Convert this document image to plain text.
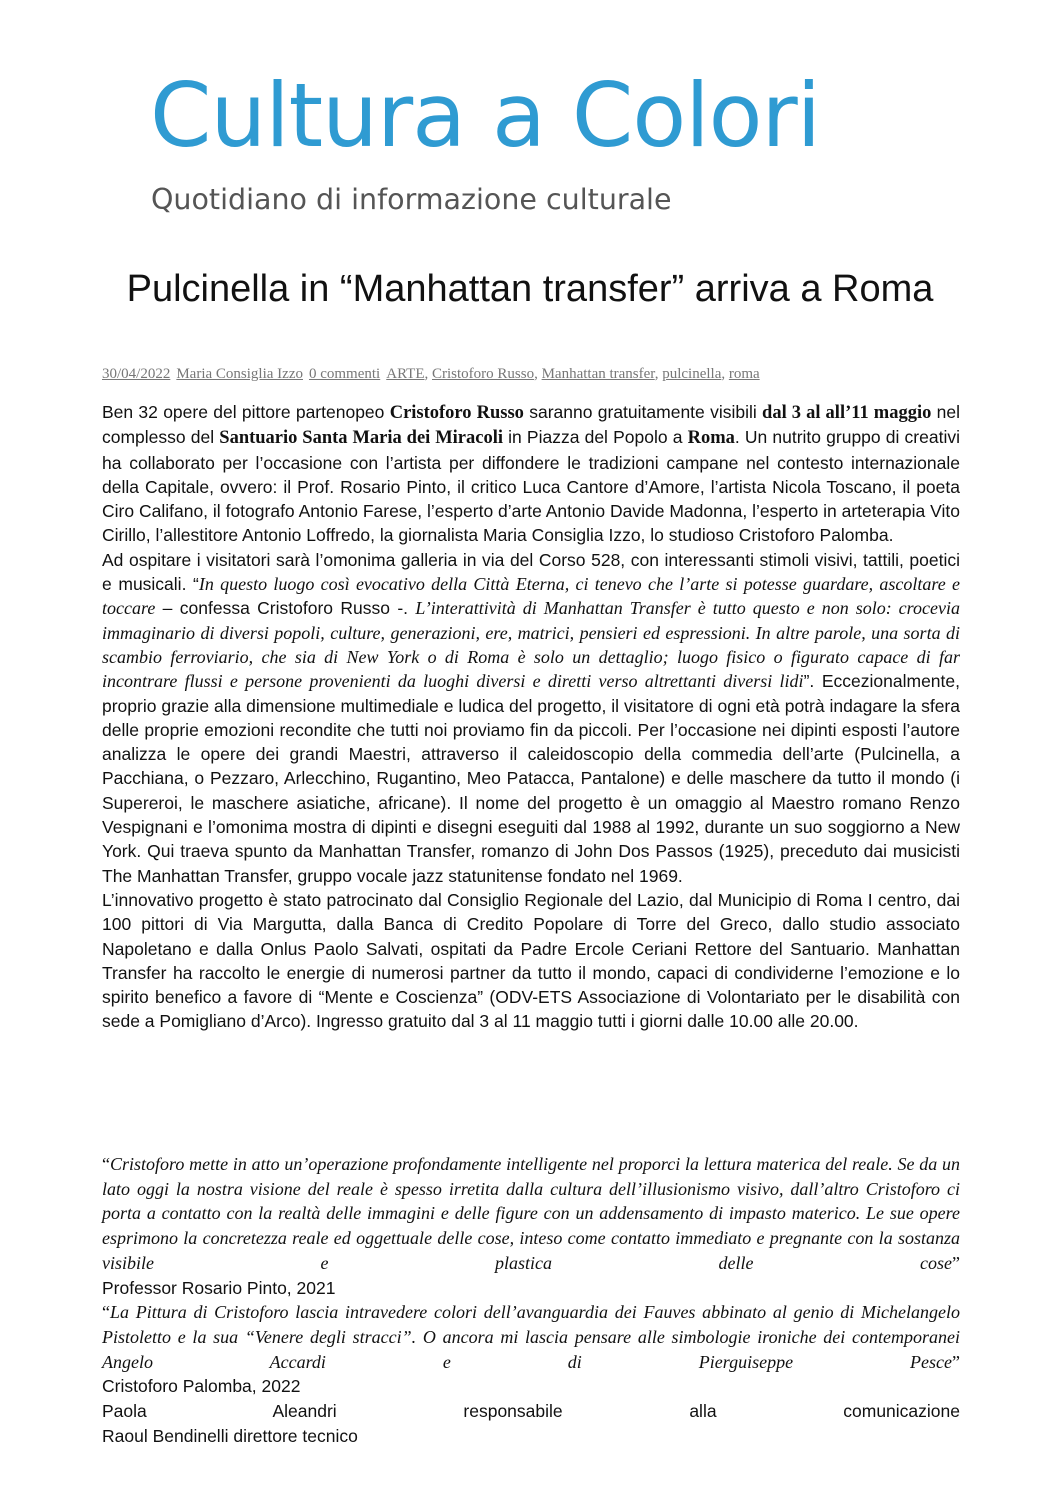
Cultura a Colori
Quotidiano di informazione culturale
Pulcinella in “Manhattan transfer” arriva a Roma
30/04/2022 Maria Consiglia Izzo 0 commenti ARTE, Cristoforo Russo, Manhattan transfer, pulcinella, roma

Ben 32 opere del pittore partenopeo Cristoforo Russo saranno gratuitamente visibili dal 3 al all’11 maggio nel complesso del Santuario Santa Maria dei Miracoli in Piazza del Popolo a Roma. Un nutrito gruppo di creativi ha collaborato per l’occasione con l’artista per diffondere le tradizioni campane nel contesto internazionale della Capitale, ovvero: il Prof. Rosario Pinto, il critico Luca Cantore d’Amore, l’artista Nicola Toscano, il poeta Ciro Califano, il fotografo Antonio Farese, l’esperto d’arte Antonio Davide Madonna, l’esperto in arteterapia Vito Cirillo, l’allestitore Antonio Loffredo, la giornalista Maria Consiglia Izzo, lo studioso Cristoforo Palomba.

Ad ospitare i visitatori sarà l’omonima galleria in via del Corso 528, con interessanti stimoli visivi, tattili, poetici e musicali. “In questo luogo così evocativo della Città Eterna, ci tenevo che l’arte si potesse guardare, ascoltare e toccare – confessa Cristoforo Russo -. L’interattività di Manhattan Transfer è tutto questo e non solo: crocevia immaginario di diversi popoli, culture, generazioni, ere, matrici, pensieri ed espressioni. In altre parole, una sorta di scambio ferroviario, che sia di New York o di Roma è solo un dettaglio; luogo fisico o figurato capace di far incontrare flussi e persone provenienti da luoghi diversi e diretti verso altrettanti diversi lidi”. Eccezionalmente, proprio grazie alla dimensione multimediale e ludica del progetto, il visitatore di ogni età potrà indagare la sfera delle proprie emozioni recondite che tutti noi proviamo fin da piccoli. Per l’occasione nei dipinti esposti l’autore analizza le opere dei grandi Maestri, attraverso il caleidoscopio della commedia dell’arte (Pulcinella, a Pacchiana, o Pezzaro, Arlecchino, Rugantino, Meo Patacca, Pantalone) e delle maschere da tutto il mondo (i Supereroi, le maschere asiatiche, africane). Il nome del progetto è un omaggio al Maestro romano Renzo Vespignani e l’omonima mostra di dipinti e disegni eseguiti dal 1988 al 1992, durante un suo soggiorno a New York. Qui traeva spunto da Manhattan Transfer, romanzo di John Dos Passos (1925), preceduto dai musicisti The Manhattan Transfer, gruppo vocale jazz statunitense fondato nel 1969.

L’innovativo progetto è stato patrocinato dal Consiglio Regionale del Lazio, dal Municipio di Roma I centro, dai 100 pittori di Via Margutta, dalla Banca di Credito Popolare di Torre del Greco, dallo studio associato Napoletano e dalla Onlus Paolo Salvati, ospitati da Padre Ercole Ceriani Rettore del Santuario. Manhattan Transfer ha raccolto le energie di numerosi partner da tutto il mondo, capaci di condividerne l’emozione e lo spirito benefico a favore di “Mente e Coscienza” (ODV-ETS Associazione di Volontariato per le disabilità con sede a Pomigliano d’Arco). Ingresso gratuito dal 3 al 11 maggio tutti i giorni dalle 10.00 alle 20.00.

“Cristoforo mette in atto un’operazione profondamente intelligente nel proporci la lettura materica del reale. Se da un lato oggi la nostra visione del reale è spesso irretita dalla cultura dell’illusionismo visivo, dall’altro Cristoforo ci porta a contatto con la realtà delle immagini e delle figure con un addensamento di impasto materico. Le sue opere esprimono la concretezza reale ed oggettuale delle cose, inteso come contatto immediato e pregnante con la sostanza visibile e plastica delle cose”

Professor Rosario Pinto, 2021

“La Pittura di Cristoforo lascia intravedere colori dell’avanguardia dei Fauves abbinato al genio di Michelangelo Pistoletto e la sua “Venere degli stracci”. O ancora mi lascia pensare alle simbologie ironiche dei contemporanei Angelo Accardi e di Pierguiseppe Pesce”

Cristoforo Palomba, 2022

Paola Aleandri responsabile alla comunicazione

Raoul Bendinelli direttore tecnico
